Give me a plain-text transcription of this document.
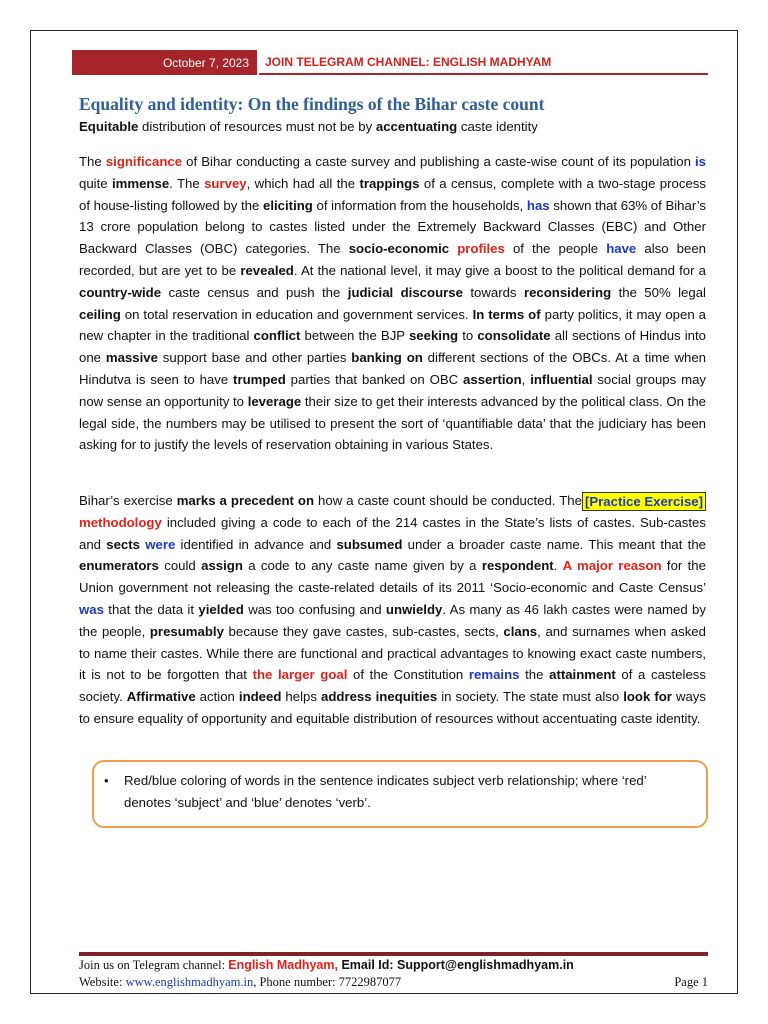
October 7, 2023	JOIN TELEGRAM CHANNEL: ENGLISH MADHYAM
Equality and identity: On the findings of the Bihar caste count

Equitable distribution of resources must not be by accentuating caste identity

The significance of Bihar conducting a caste survey and publishing a caste-wise count of its population is quite immense. The survey, which had all the trappings of a census, complete with a two-stage process of house-listing followed by the eliciting of information from the households, has shown that 63% of Bihar’s 13 crore population belong to castes listed under the Extremely Backward Classes (EBC) and Other Backward Classes (OBC) categories. The socio-economic profiles of the people have also been recorded, but are yet to be revealed. At the national level, it may give a boost to the political demand for a country-wide caste census and push the judicial discourse towards reconsidering the 50% legal ceiling on total reservation in education and government services. In terms of party politics, it may open a new chapter in the traditional conflict between the BJP seeking to consolidate all sections of Hindus into one massive support base and other parties banking on different sections of the OBCs. At a time when Hindutva is seen to have trumped parties that banked on OBC assertion, influential social groups may now sense an opportunity to leverage their size to get their interests advanced by the political class. On the legal side, the numbers may be utilised to present the sort of ‘quantifiable data’ that the judiciary has been asking for to justify the levels of reservation obtaining in various States.

[Practice Exercise]
Bihar’s exercise marks a precedent on how a caste count should be conducted. The methodology included giving a code to each of the 214 castes in the State’s lists of castes. Sub-castes and sects were identified in advance and subsumed under a broader caste name. This meant that the enumerators could assign a code to any caste name given by a respondent. A major reason for the Union government not releasing the caste-related details of its 2011 ‘Socio-economic and Caste Census’ was that the data it yielded was too confusing and unwieldy. As many as 46 lakh castes were named by the people, presumably because they gave castes, sub-castes, sects, clans, and surnames when asked to name their castes. While there are functional and practical advantages to knowing exact caste numbers, it is not to be forgotten that the larger goal of the Constitution remains the attainment of a casteless society. Affirmative action indeed helps address inequities in society. The state must also look for ways to ensure equality of opportunity and equitable distribution of resources without accentuating caste identity.

• Red/blue coloring of words in the sentence indicates subject verb relationship; where ‘red’ denotes ‘subject’ and ‘blue’ denotes ‘verb’.

Join us on Telegram channel: English Madhyam, Email Id: Support@englishmadhyam.in
Website: www.englishmadhyam.in, Phone number: 7722987077	Page 1
